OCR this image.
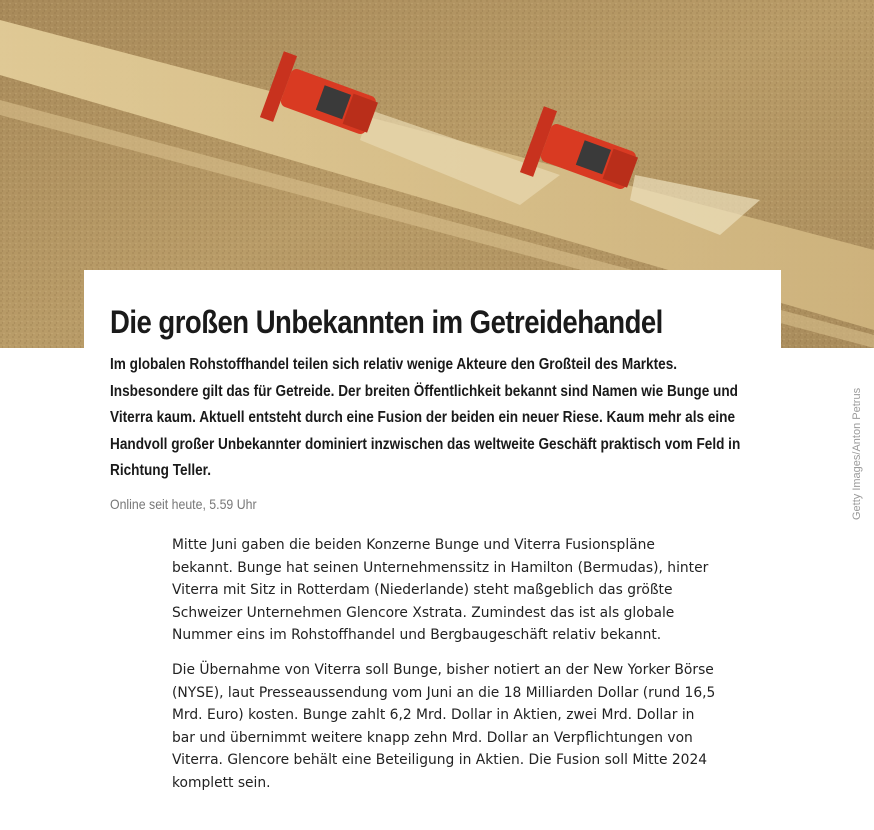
Die großen Unbekannten im Getreidehandel

Im globalen Rohstoffhandel teilen sich relativ wenige Akteure den Großteil des Marktes. Insbesondere gilt das für Getreide. Der breiten Öffentlichkeit bekannt sind Namen wie Bunge und Viterra kaum. Aktuell entsteht durch eine Fusion der beiden ein neuer Riese. Kaum mehr als eine Handvoll großer Unbekannter dominiert inzwischen das weltweite Geschäft praktisch vom Feld in Richtung Teller.

Online seit heute, 5.59 Uhr

Mitte Juni gaben die beiden Konzerne Bunge und Viterra Fusionspläne bekannt. Bunge hat seinen Unternehmenssitz in Hamilton (Bermudas), hinter Viterra mit Sitz in Rotterdam (Niederlande) steht maßgeblich das größte Schweizer Unternehmen Glencore Xstrata. Zumindest das ist als globale Nummer eins im Rohstoffhandel und Bergbaugeschäft relativ bekannt.

Die Übernahme von Viterra soll Bunge, bisher notiert an der New Yorker Börse (NYSE), laut Presseaussendung vom Juni an die 18 Milliarden Dollar (rund 16,5 Mrd. Euro) kosten. Bunge zahlt 6,2 Mrd. Dollar in Aktien, zwei Mrd. Dollar in bar und übernimmt weitere knapp zehn Mrd. Dollar an Verpflichtungen von Viterra. Glencore behält eine Beteiligung in Aktien. Die Fusion soll Mitte 2024 komplett sein.

Getty Images/Anton Petrus
